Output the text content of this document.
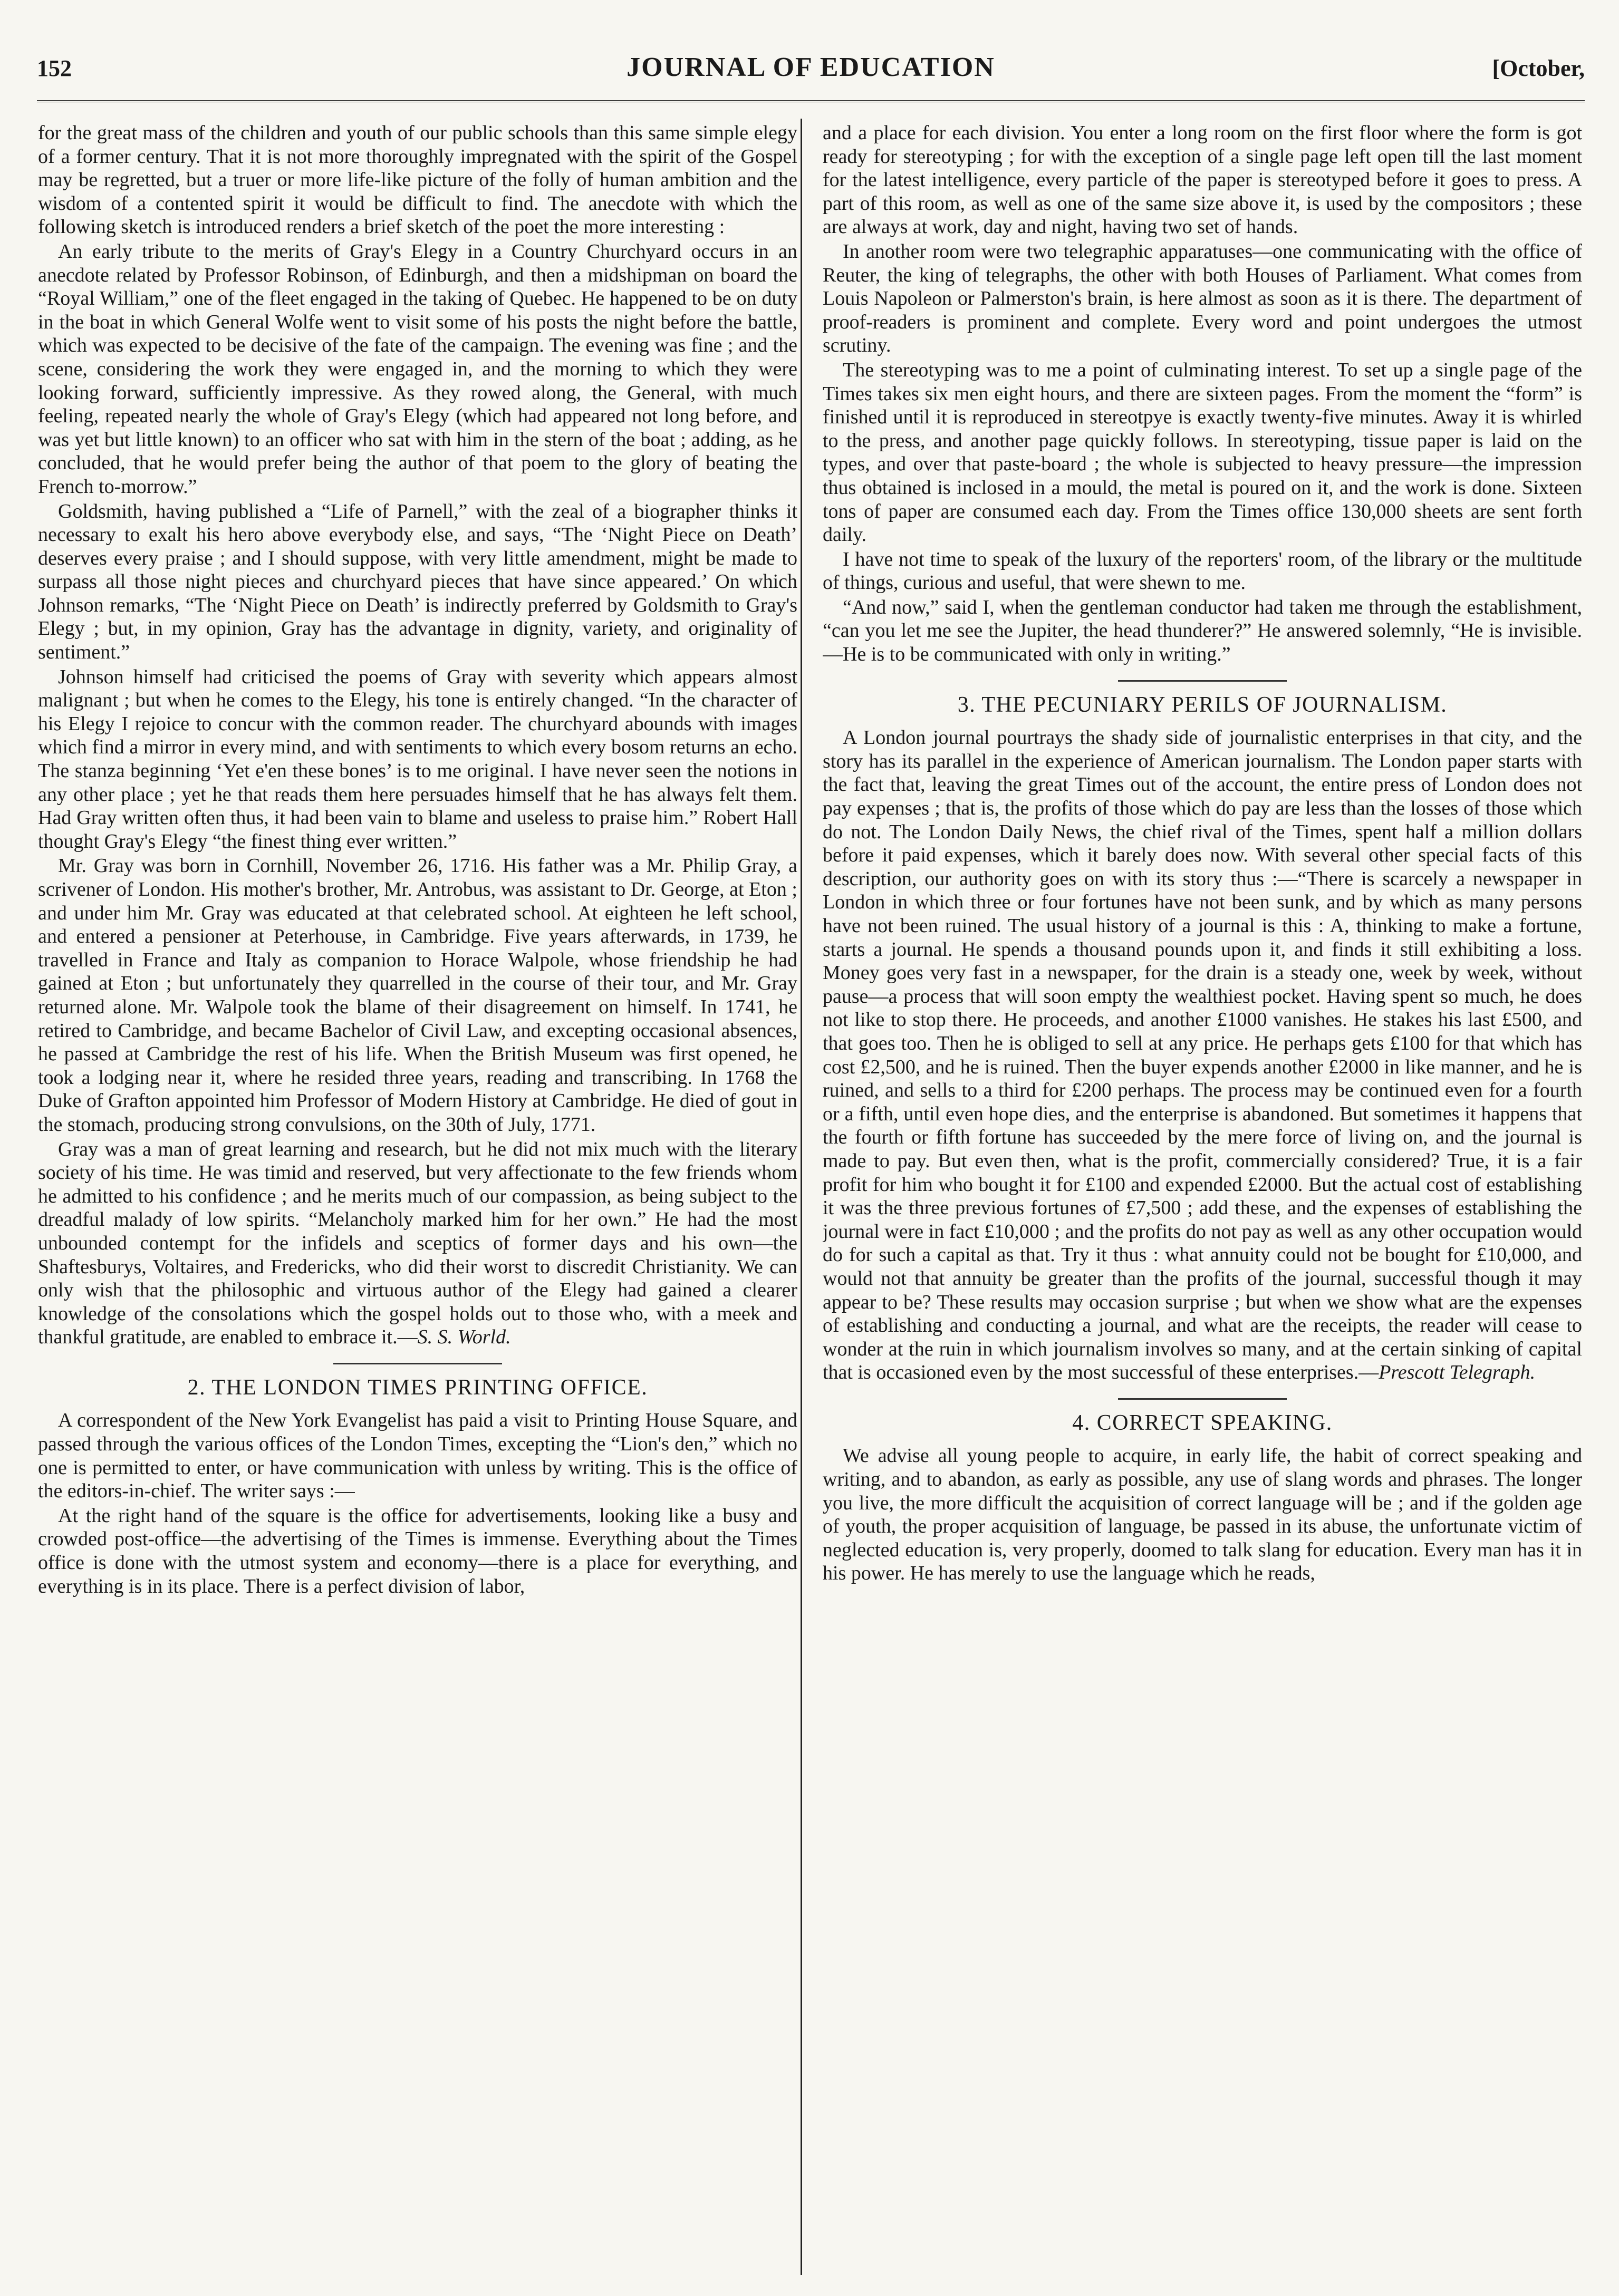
152	JOURNAL OF EDUCATION	[October,

for the great mass of the children and youth of our public schools than this same simple elegy of a former century. That it is not more thoroughly impregnated with the spirit of the Gospel may be regretted, but a truer or more life-like picture of the folly of human ambition and the wisdom of a contented spirit it would be difficult to find. The anecdote with which the following sketch is introduced renders a brief sketch of the poet the more interesting :

An early tribute to the merits of Gray's Elegy in a Country Churchyard occurs in an anecdote related by Professor Robinson, of Edinburgh, and then a midshipman on board the “Royal William,” one of the fleet engaged in the taking of Quebec. He happened to be on duty in the boat in which General Wolfe went to visit some of his posts the night before the battle, which was expected to be decisive of the fate of the campaign. The evening was fine ; and the scene, considering the work they were engaged in, and the morning to which they were looking forward, sufficiently impressive. As they rowed along, the General, with much feeling, repeated nearly the whole of Gray's Elegy (which had appeared not long before, and was yet but little known) to an officer who sat with him in the stern of the boat ; adding, as he concluded, that he would prefer being the author of that poem to the glory of beating the French to-morrow.”

Goldsmith, having published a “Life of Parnell,” with the zeal of a biographer thinks it necessary to exalt his hero above everybody else, and says, “The ‘Night Piece on Death’ deserves every praise ; and I should suppose, with very little amendment, might be made to surpass all those night pieces and churchyard pieces that have since appeared.’ On which Johnson remarks, “The ‘Night Piece on Death’ is indirectly preferred by Goldsmith to Gray's Elegy ; but, in my opinion, Gray has the advantage in dignity, variety, and originality of sentiment.”

Johnson himself had criticised the poems of Gray with severity which appears almost malignant ; but when he comes to the Elegy, his tone is entirely changed. “In the character of his Elegy I rejoice to concur with the common reader. The churchyard abounds with images which find a mirror in every mind, and with sentiments to which every bosom returns an echo. The stanza beginning ‘Yet e'en these bones’ is to me original. I have never seen the notions in any other place ; yet he that reads them here persuades himself that he has always felt them. Had Gray written often thus, it had been vain to blame and useless to praise him.” Robert Hall thought Gray's Elegy “the finest thing ever written.”

Mr. Gray was born in Cornhill, November 26, 1716. His father was a Mr. Philip Gray, a scrivener of London. His mother's brother, Mr. Antrobus, was assistant to Dr. George, at Eton ; and under him Mr. Gray was educated at that celebrated school. At eighteen he left school, and entered a pensioner at Peterhouse, in Cambridge. Five years afterwards, in 1739, he travelled in France and Italy as companion to Horace Walpole, whose friendship he had gained at Eton ; but unfortunately they quarrelled in the course of their tour, and Mr. Gray returned alone. Mr. Walpole took the blame of their disagreement on himself. In 1741, he retired to Cambridge, and became Bachelor of Civil Law, and excepting occasional absences, he passed at Cambridge the rest of his life. When the British Museum was first opened, he took a lodging near it, where he resided three years, reading and transcribing. In 1768 the Duke of Grafton appointed him Professor of Modern History at Cambridge. He died of gout in the stomach, producing strong convulsions, on the 30th of July, 1771.

Gray was a man of great learning and research, but he did not mix much with the literary society of his time. He was timid and reserved, but very affectionate to the few friends whom he admitted to his confidence ; and he merits much of our compassion, as being subject to the dreadful malady of low spirits. “Melancholy marked him for her own.” He had the most unbounded contempt for the infidels and sceptics of former days and his own—the Shaftesburys, Voltaires, and Fredericks, who did their worst to discredit Christianity. We can only wish that the philosophic and virtuous author of the Elegy had gained a clearer knowledge of the consolations which the gospel holds out to those who, with a meek and thankful gratitude, are enabled to embrace it.—S. S. World.

2. THE LONDON TIMES PRINTING OFFICE.

A correspondent of the New York Evangelist has paid a visit to Printing House Square, and passed through the various offices of the London Times, excepting the “Lion's den,” which no one is permitted to enter, or have communication with unless by writing. This is the office of the editors-in-chief. The writer says :—

At the right hand of the square is the office for advertisements, looking like a busy and crowded post-office—the advertising of the Times is immense. Everything about the Times office is done with the utmost system and economy—there is a place for everything, and everything is in its place. There is a perfect division of labor,

and a place for each division. You enter a long room on the first floor where the form is got ready for stereotyping ; for with the exception of a single page left open till the last moment for the latest intelligence, every particle of the paper is stereotyped before it goes to press. A part of this room, as well as one of the same size above it, is used by the compositors ; these are always at work, day and night, having two set of hands.

In another room were two telegraphic apparatuses—one communicating with the office of Reuter, the king of telegraphs, the other with both Houses of Parliament. What comes from Louis Napoleon or Palmerston's brain, is here almost as soon as it is there. The department of proof-readers is prominent and complete. Every word and point undergoes the utmost scrutiny.

The stereotyping was to me a point of culminating interest. To set up a single page of the Times takes six men eight hours, and there are sixteen pages. From the moment the “form” is finished until it is reproduced in stereotpye is exactly twenty-five minutes. Away it is whirled to the press, and another page quickly follows. In stereotyping, tissue paper is laid on the types, and over that paste-board ; the whole is subjected to heavy pressure—the impression thus obtained is inclosed in a mould, the metal is poured on it, and the work is done. Sixteen tons of paper are consumed each day. From the Times office 130,000 sheets are sent forth daily.

I have not time to speak of the luxury of the reporters' room, of the library or the multitude of things, curious and useful, that were shewn to me.

“And now,” said I, when the gentleman conductor had taken me through the establishment, “can you let me see the Jupiter, the head thunderer?” He answered solemnly, “He is invisible.—He is to be communicated with only in writing.”

3. THE PECUNIARY PERILS OF JOURNALISM.

A London journal pourtrays the shady side of journalistic enterprises in that city, and the story has its parallel in the experience of American journalism. The London paper starts with the fact that, leaving the great Times out of the account, the entire press of London does not pay expenses ; that is, the profits of those which do pay are less than the losses of those which do not. The London Daily News, the chief rival of the Times, spent half a million dollars before it paid expenses, which it barely does now. With several other special facts of this description, our authority goes on with its story thus :—“There is scarcely a newspaper in London in which three or four fortunes have not been sunk, and by which as many persons have not been ruined. The usual history of a journal is this : A, thinking to make a fortune, starts a journal. He spends a thousand pounds upon it, and finds it still exhibiting a loss. Money goes very fast in a newspaper, for the drain is a steady one, week by week, without pause—a process that will soon empty the wealthiest pocket. Having spent so much, he does not like to stop there. He proceeds, and another £1000 vanishes. He stakes his last £500, and that goes too. Then he is obliged to sell at any price. He perhaps gets £100 for that which has cost £2,500, and he is ruined. Then the buyer expends another £2000 in like manner, and he is ruined, and sells to a third for £200 perhaps. The process may be continued even for a fourth or a fifth, until even hope dies, and the enterprise is abandoned. But sometimes it happens that the fourth or fifth fortune has succeeded by the mere force of living on, and the journal is made to pay. But even then, what is the profit, commercially considered? True, it is a fair profit for him who bought it for £100 and expended £2000. But the actual cost of establishing it was the three previous fortunes of £7,500 ; add these, and the expenses of establishing the journal were in fact £10,000 ; and the profits do not pay as well as any other occupation would do for such a capital as that. Try it thus : what annuity could not be bought for £10,000, and would not that annuity be greater than the profits of the journal, successful though it may appear to be? These results may occasion surprise ; but when we show what are the expenses of establishing and conducting a journal, and what are the receipts, the reader will cease to wonder at the ruin in which journalism involves so many, and at the certain sinking of capital that is occasioned even by the most successful of these enterprises.—Prescott Telegraph.

4. CORRECT SPEAKING.

We advise all young people to acquire, in early life, the habit of correct speaking and writing, and to abandon, as early as possible, any use of slang words and phrases. The longer you live, the more difficult the acquisition of correct language will be ; and if the golden age of youth, the proper acquisition of language, be passed in its abuse, the unfortunate victim of neglected education is, very properly, doomed to talk slang for education. Every man has it in his power. He has merely to use the language which he reads,
